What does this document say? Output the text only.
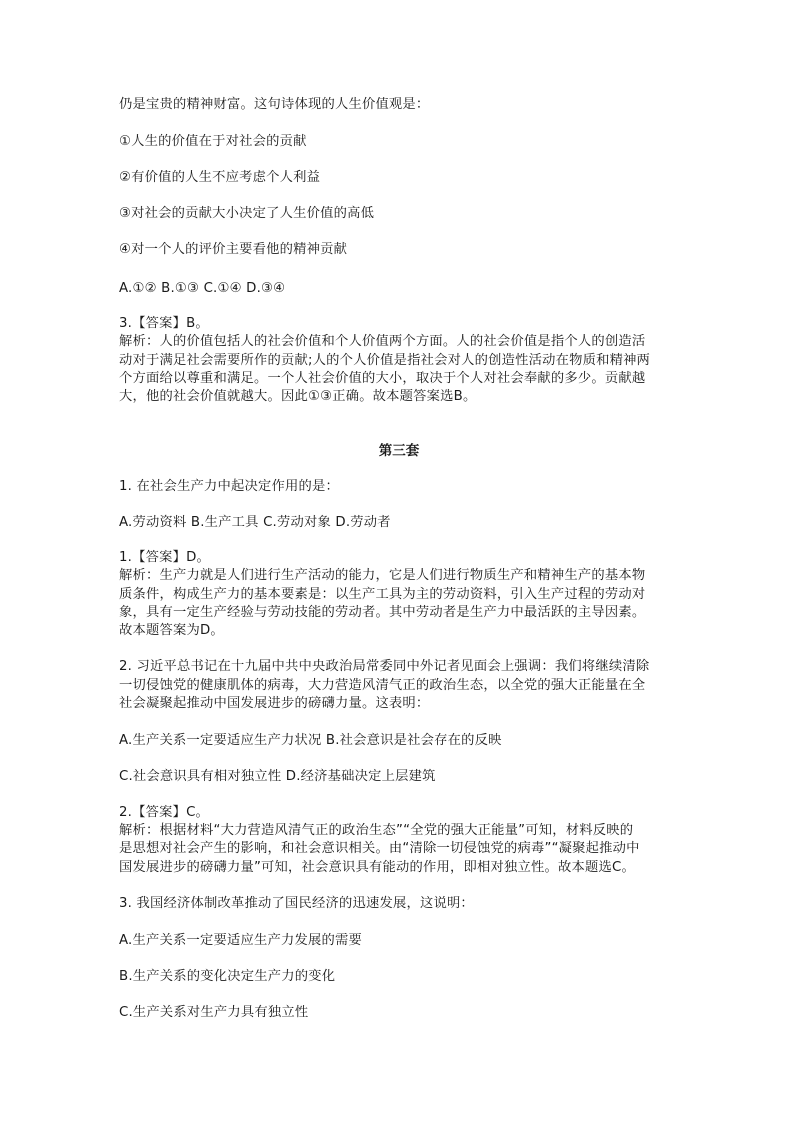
仍是宝贵的精神财富。这句诗体现的人生价值观是：
①人生的价值在于对社会的贡献
②有价值的人生不应考虑个人利益
③对社会的贡献大小决定了人生价值的高低
④对一个人的评价主要看他的精神贡献
A.①② B.①③ C.①④ D.③④
3.【答案】B。
解析：人的价值包括人的社会价值和个人价值两个方面。人的社会价值是指个人的创造活
动对于满足社会需要所作的贡献;人的个人价值是指社会对人的创造性活动在物质和精神两
个方面给以尊重和满足。一个人社会价值的大小，取决于个人对社会奉献的多少。贡献越
大，他的社会价值就越大。因此①③正确。故本题答案选B。
第三套
1. 在社会生产力中起决定作用的是：
A.劳动资料 B.生产工具 C.劳动对象 D.劳动者
1.【答案】D。
解析：生产力就是人们进行生产活动的能力，它是人们进行物质生产和精神生产的基本物
质条件，构成生产力的基本要素是：以生产工具为主的劳动资料，引入生产过程的劳动对
象，具有一定生产经验与劳动技能的劳动者。其中劳动者是生产力中最活跃的主导因素。
故本题答案为D。
2. 习近平总书记在十九届中共中央政治局常委同中外记者见面会上强调：我们将继续清除
一切侵蚀党的健康肌体的病毒，大力营造风清气正的政治生态，以全党的强大正能量在全
社会凝聚起推动中国发展进步的磅礴力量。这表明：
A.生产关系一定要适应生产力状况 B.社会意识是社会存在的反映
C.社会意识具有相对独立性 D.经济基础决定上层建筑
2.【答案】C。
解析：根据材料“大力营造风清气正的政治生态”“全党的强大正能量”可知，材料反映的
是思想对社会产生的影响，和社会意识相关。由“清除一切侵蚀党的病毒”“凝聚起推动中
国发展进步的磅礴力量”可知，社会意识具有能动的作用，即相对独立性。故本题选C。
3. 我国经济体制改革推动了国民经济的迅速发展，这说明：
A.生产关系一定要适应生产力发展的需要
B.生产关系的变化决定生产力的变化
C.生产关系对生产力具有独立性
